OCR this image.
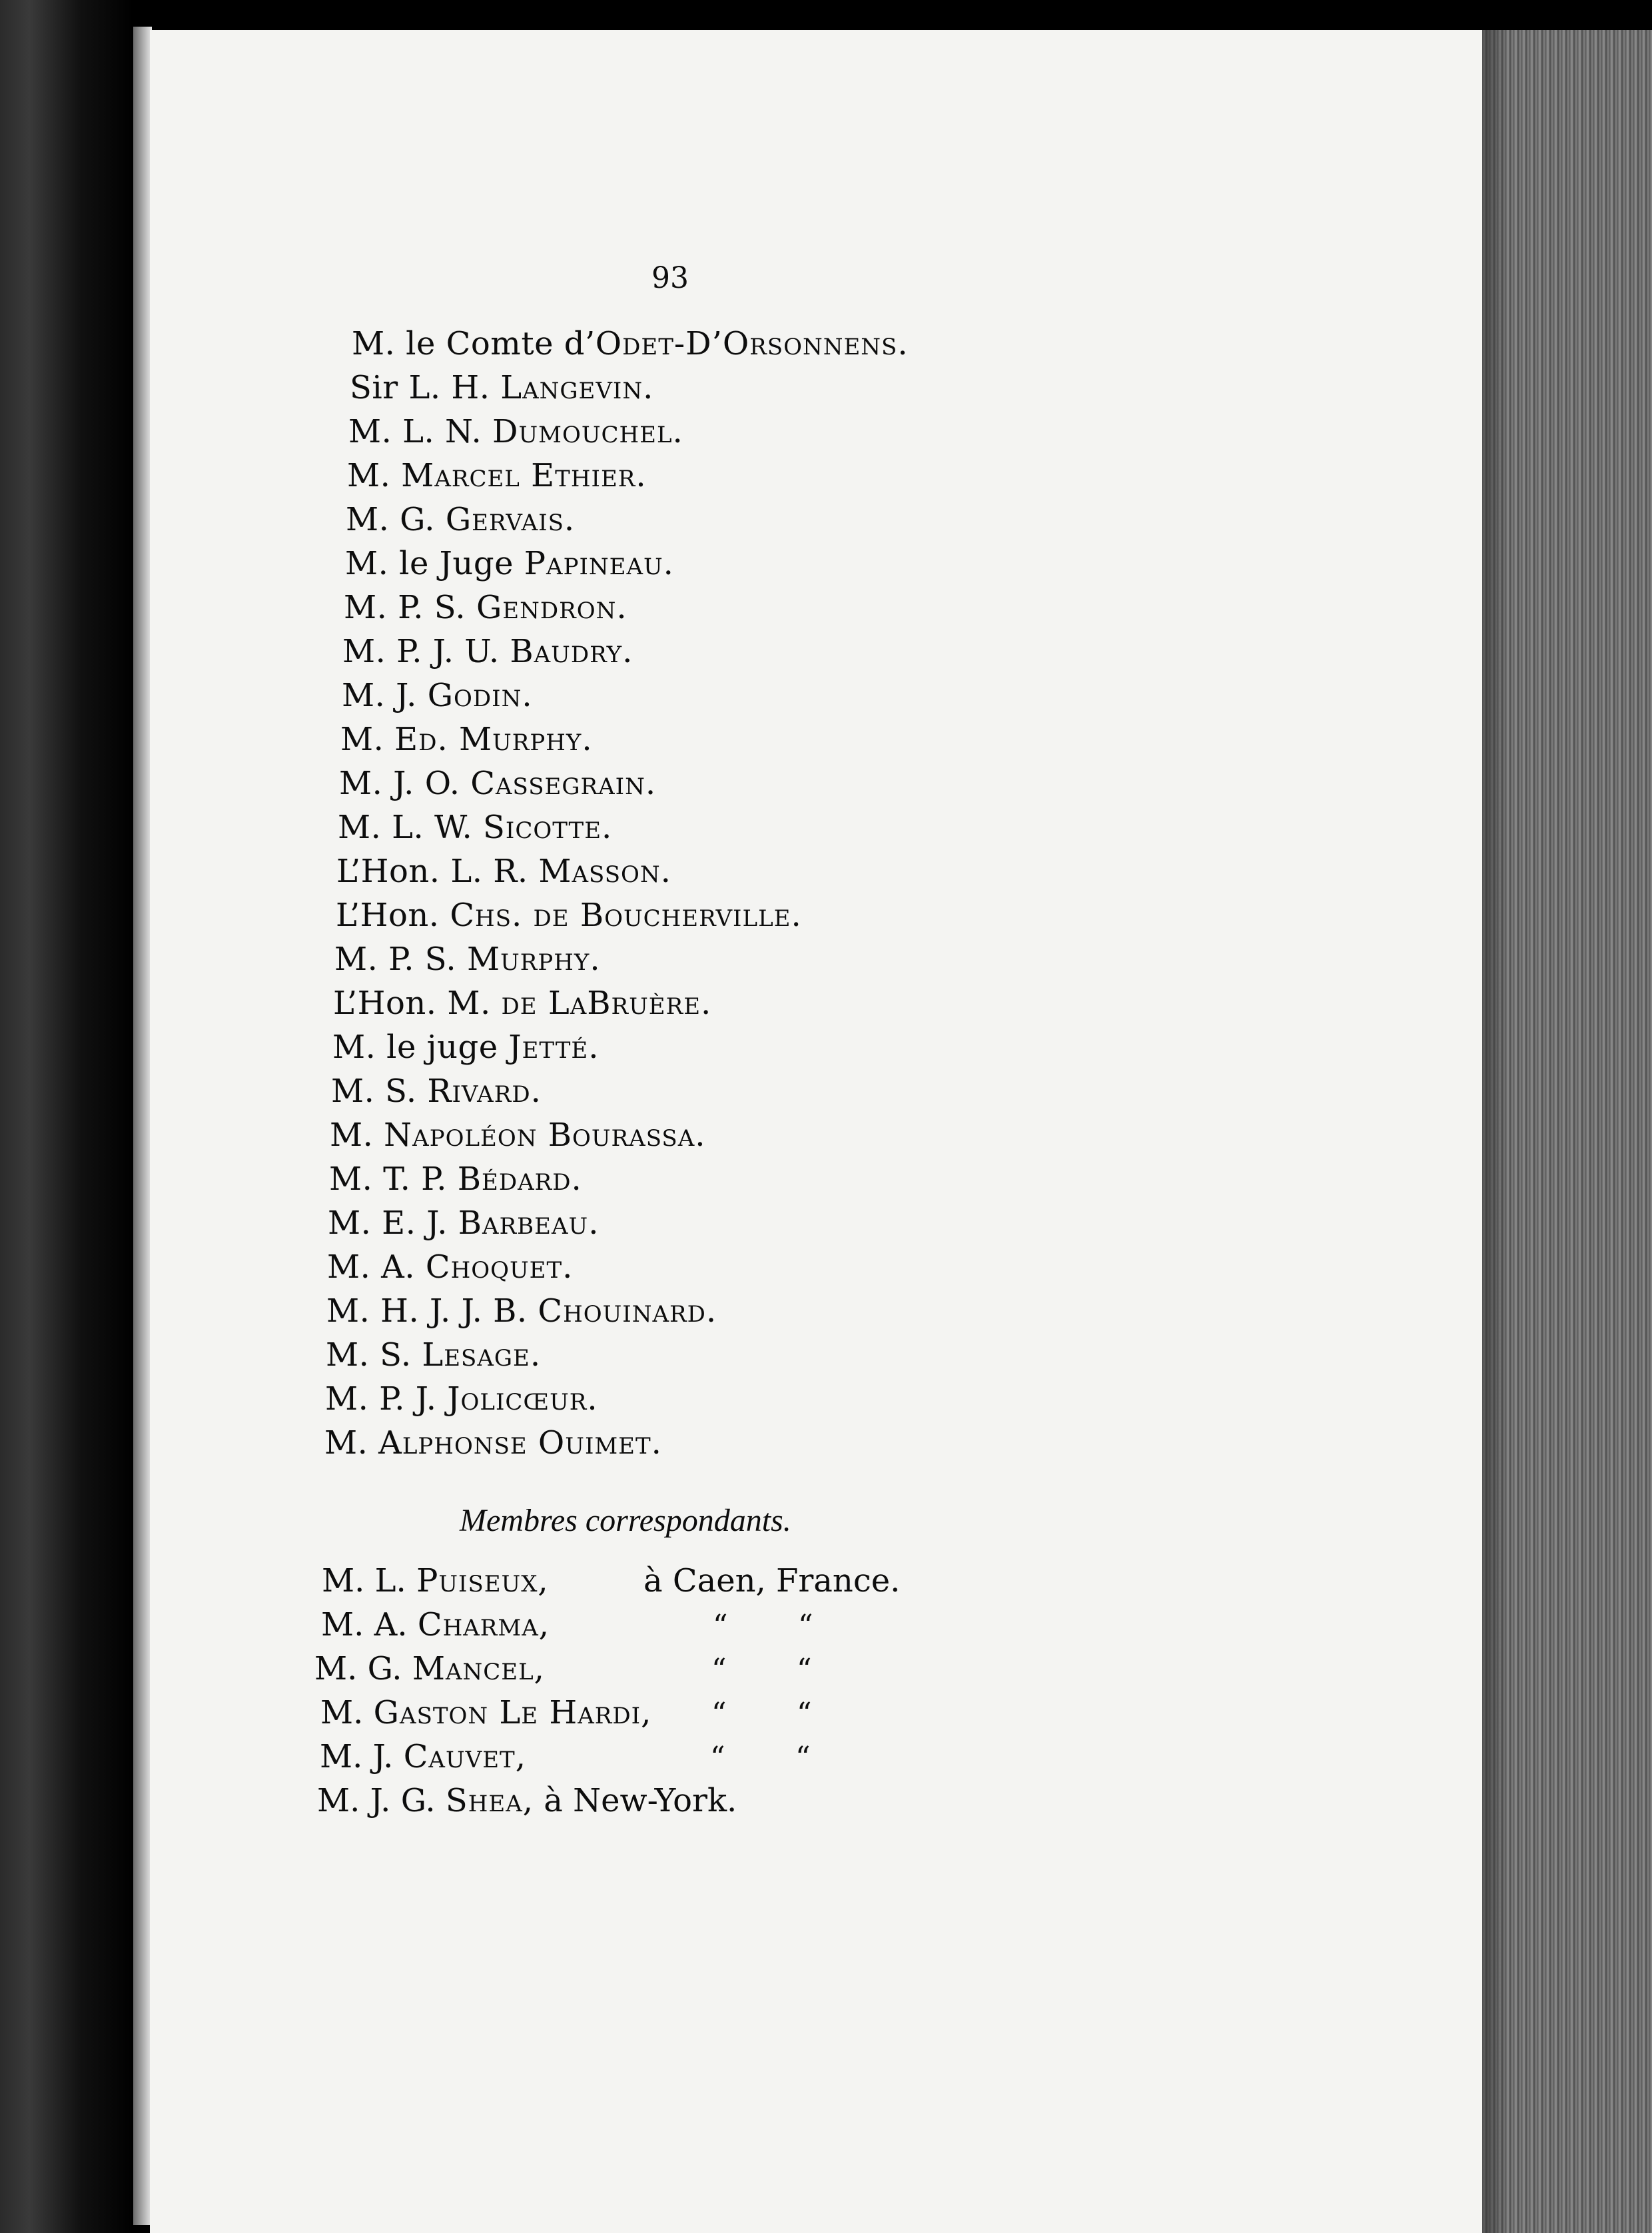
93
M. le Comte d’Odet-D’Orsonnens.
Sir L. H. Langevin.
M. L. N. Dumouchel.
M. Marcel Ethier.
M. G. Gervais.
M. le Juge Papineau.
M. P. S. Gendron.
M. P. J. U. Baudry.
M. J. Godin.
M. Ed. Murphy.
M. J. O. Cassegrain.
M. L. W. Sicotte.
L’Hon. L. R. Masson.
L’Hon. Chs. de Boucherville.
M. P. S. Murphy.
L’Hon. M. de LaBruère.
M. le juge Jetté.
M. S. Rivard.
M. Napoléon Bourassa.
M. T. P. Bédard.
M. E. J. Barbeau.
M. A. Choquet.
M. H. J. J. B. Chouinard.
M. S. Lesage.
M. P. J. Jolicœur.
M. Alphonse Ouimet.
Membres correspondants.
M. L. Puiseux,	à Caen, France.
M. A. Charma,	“ “
M. G. Mancel,	“ “
M. Gaston Le Hardi, “ “
M. J. Cauvet,	“ “
M. J. G. Shea, à New-York.
